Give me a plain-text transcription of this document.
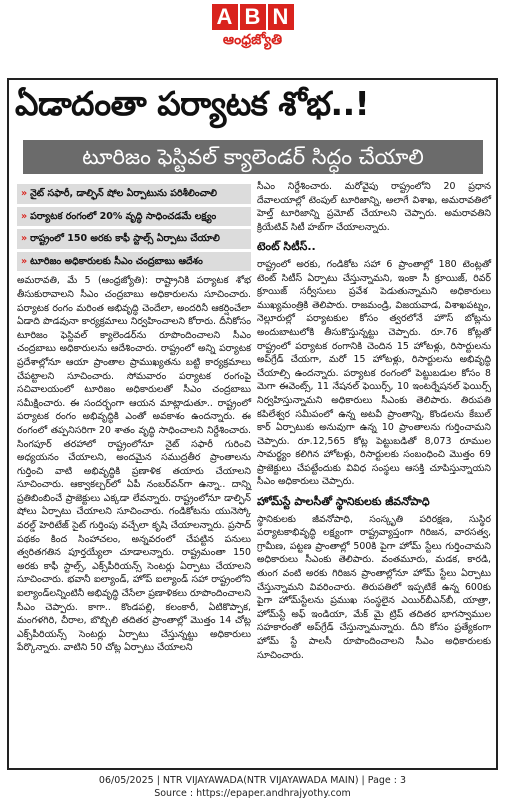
A B N
ఆంధ్రజ్యోతి
ఏడాదంతా పర్యాటక శోభ..!
టూరిజం ఫెస్టివల్ క్యాలెండర్ సిద్ధం చేయాలి
» నైట్ సఫారీ, డాల్ఫిన్ షోల ఏర్పాటును పరిశీలించాలి
» పర్యాటక రంగంలో 20% వృద్ధి సాధించడమే లక్ష్యం
» రాష్ట్రంలో 150 అరకు కాఫీ స్టాల్స్ ఏర్పాటు చేయాలి
» టూరిజం అధికారులకు సీఎం చంద్రబాబు ఆదేశం

అమరావతి, మే 5 (ఆంధ్రజ్యోతి): రాష్ట్రానికి పర్యాటక శోభ తీసుకురావాలని సీఎం చంద్రబాబు అధికారులను సూచించారు. పర్యాటక రంగం మరింత అభివృద్ధి చెందేలా, అందరినీ ఆకర్షించేలా ఏడాది పొడవునా కార్యక్రమాలు నిర్వహించాలని కోరారు. దీనికోసం టూరిజం ఫెస్టివల్ క్యాలెండర్‌ను రూపొందించాలని సీఎం చంద్రబాబు అధికారులను ఆదేశించారు. రాష్ట్రంలో అన్ని పర్యాటక ప్రదేశాల్లోనూ ఆయా ప్రాంతాల ప్రాముఖ్యతను బట్టి కార్యక్రమాలు చేపట్టాలని సూచించారు. సోమవారం పర్యాటక రంగంపై సచివాలయంలో టూరిజం అధికారులతో సీఎం చంద్రబాబు సమీక్షించారు. ఈ సందర్భంగా ఆయన మాట్లాడుతూ.. రాష్ట్రంలో పర్యాటక రంగం అభివృద్ధికి ఎంతో అవకాశం ఉందన్నారు. ఈ రంగంలో తప్పనిసరిగా 20 శాతం వృద్ధి సాధించాలని నిర్దేశించారు. సింగపూర్ తరహాలో రాష్ట్రంలోనూ నైట్ సఫారీ గురించి అధ్యయనం చేయాలని, అందమైన సముద్రతీర ప్రాంతాలను గుర్తించి వాటి అభివృద్ధికి ప్రణాళిక తయారు చేయాలని సూచించారు. ఆక్వాకల్చర్‌లో ఏపీ నంబర్‌వన్‌గా ఉన్నా.. దాన్ని ప్రతిబింబించే ప్రాజెక్టులు ఎక్కడా లేవన్నారు. రాష్ట్రంలోనూ డాల్ఫిన్ షోలు ఏర్పాటు చేయాలని సూచించారు. గండికోటను యునెస్కో వరల్డ్ హెరిటేజ్ సైట్ గుర్తింపు వచ్చేలా కృషి చేయాలన్నారు. ప్రసాద్ పథకం కింద సింహాచలం, అన్నవరంలో చేపట్టిన పనులు త్వరితగతిన పూర్తయ్యేలా చూడాలన్నారు. రాష్ట్రమంతా 150 అరకు కాఫీ స్టాల్స్, ఎక్స్‌పీరియన్స్ సెంటర్లు ఏర్పాటు చేయాలని సూచించారు. భవానీ ఐల్యాండ్, హోప్ ఐల్యాండ్ సహా రాష్ట్రంలోని ఐల్యాండ్‌లన్నింటినీ అభివృద్ధి చేసేలా ప్రణాళికలు రూపొందించాలని సీఎం చెప్పారు. కాగా.. కొండపల్లి, కలంకారీ, ఏటికొప్పాక, మంగళగిరి, చీరాల, బొబ్బిలి తదితర ప్రాంతాల్లో మొత్తం 14 చోట్ల ఎక్స్‌పీరియన్స్ సెంటర్లు ఏర్పాటు చేస్తున్నట్టు అధికారులు పేర్కొన్నారు. వాటిని 50 చోట్ల ఏర్పాటు చేయాలని

సీఎం నిర్దేశించారు. మరోవైపు రాష్ట్రంలోని 20 ప్రధాన దేవాలయాల్లో టెంపుల్ టూరిజాన్ని, అలాగే విశాఖ, అమరావతిలో హెల్త్ టూరిజాన్ని ప్రమోట్ చేయాలని చెప్పారు. అమరావతిని క్రియేటివ్ సిటీ హబ్‌గా చేయాలన్నారు.

టెంట్ సిటీస్..

రాష్ట్రంలో అరకు, గండికోట సహా 6 ప్రాంతాల్లో 180 టెంట్లతో టెంట్ సిటీస్ ఏర్పాటు చేస్తున్నామని, ఇంకా సీ క్రూయిజ్, రివర్ క్రూయిజ్ సర్వీసులు ప్రవేశ పెడుతున్నామని అధికారులు ముఖ్యమంత్రికి తెలిపారు. రాజమండ్రి, విజయవాడ, విశాఖపట్నం, నెల్లూరుల్లో పర్యాటకుల కోసం త్వరలోనే హౌస్ బోట్లను అందుబాటులోకి తీసుకొస్తున్నట్టు చెప్పారు. రూ.76 కోట్లతో రాష్ట్రంలో పర్యాటక రంగానికి చెందిన 15 హోటళ్లు, రిసార్టులను అప్‌గ్రేడ్ చేయగా, మరో 15 హోటళ్లు, రిసార్టులను అభివృద్ధి చేయాల్సి ఉందన్నారు. పర్యాటక రంగంలో పెట్టుబడుల కోసం 8 మెగా ఈవెంట్స్, 11 నేషనల్ ఫెయిర్స్, 10 ఇంటర్నేషనల్ ఫెయిర్స్ నిర్వహిస్తున్నామని అధికారులు సీఎంకు తెలిపారు. తిరుపతి కపిలేశ్వర సమీపంలో ఉన్న అటవీ ప్రాంతాన్ని, కొండలను కేబుల్ కార్ ఏర్పాటుకు అనువుగా ఉన్న 10 ప్రాంతాలను గుర్తించామని చెప్పారు. రూ.12,565 కోట్ల పెట్టుబడితో 8,073 రూముల సామర్థ్యం కలిగిన హోటళ్లు, రిసార్టులకు సంబంధించి మొత్తం 69 ప్రాజెక్టులు చేపట్టేందుకు వివిధ సంస్థలు ఆసక్తి చూపిస్తున్నాయని సీఎం అధికారులు చెప్పారు.

హోమ్‌స్టే పాలసీతో స్థానికులకు జీవనోపాధి

స్థానికులకు జీవనోపాధి, సంస్కృతి పరిరక్షణ, సుస్థిర పర్యాటకాభివృద్ధి లక్ష్యంగా రాష్ట్రవ్యాప్తంగా గిరిజన, వారసత్వ, గ్రామీణ, పట్టణ ప్రాంతాల్లో 500కి పైగా హోమ్ స్టేలు గుర్తించామని అధికారులు సీఎంకు తెలిపారు. వంతమూరు, మడక, కారడి, తుంగ వంటి అరకు గిరిజన ప్రాంతాల్లోనూ హోమ్ స్టేలు ఏర్పాటు చేస్తున్నామని వివరించారు. తిరుపతిలో ఇప్పటికే ఉన్న 600కు పైగా హోమ్‌స్టేలను ప్రముఖ సంస్థలైన ఎయిర్‌బీఎన్‌బీ, యాత్రా, హోమ్‌స్టే అఫ్ ఇండియా, మేక్ మై ట్రిప్ తదితర భాగస్వాముల సహకారంతో అప్‌గ్రేడ్ చేస్తున్నామన్నారు. దీని కోసం ప్రత్యేకంగా హోమ్ స్టే పాలసీ రూపొందించాలని సీఎం అధికారులకు సూచించారు.

06/05/2025 | NTR VIJAYAWADA(NTR VIJAYAWADA MAIN) | Page : 3
Source : https://epaper.andhrajyothy.com
